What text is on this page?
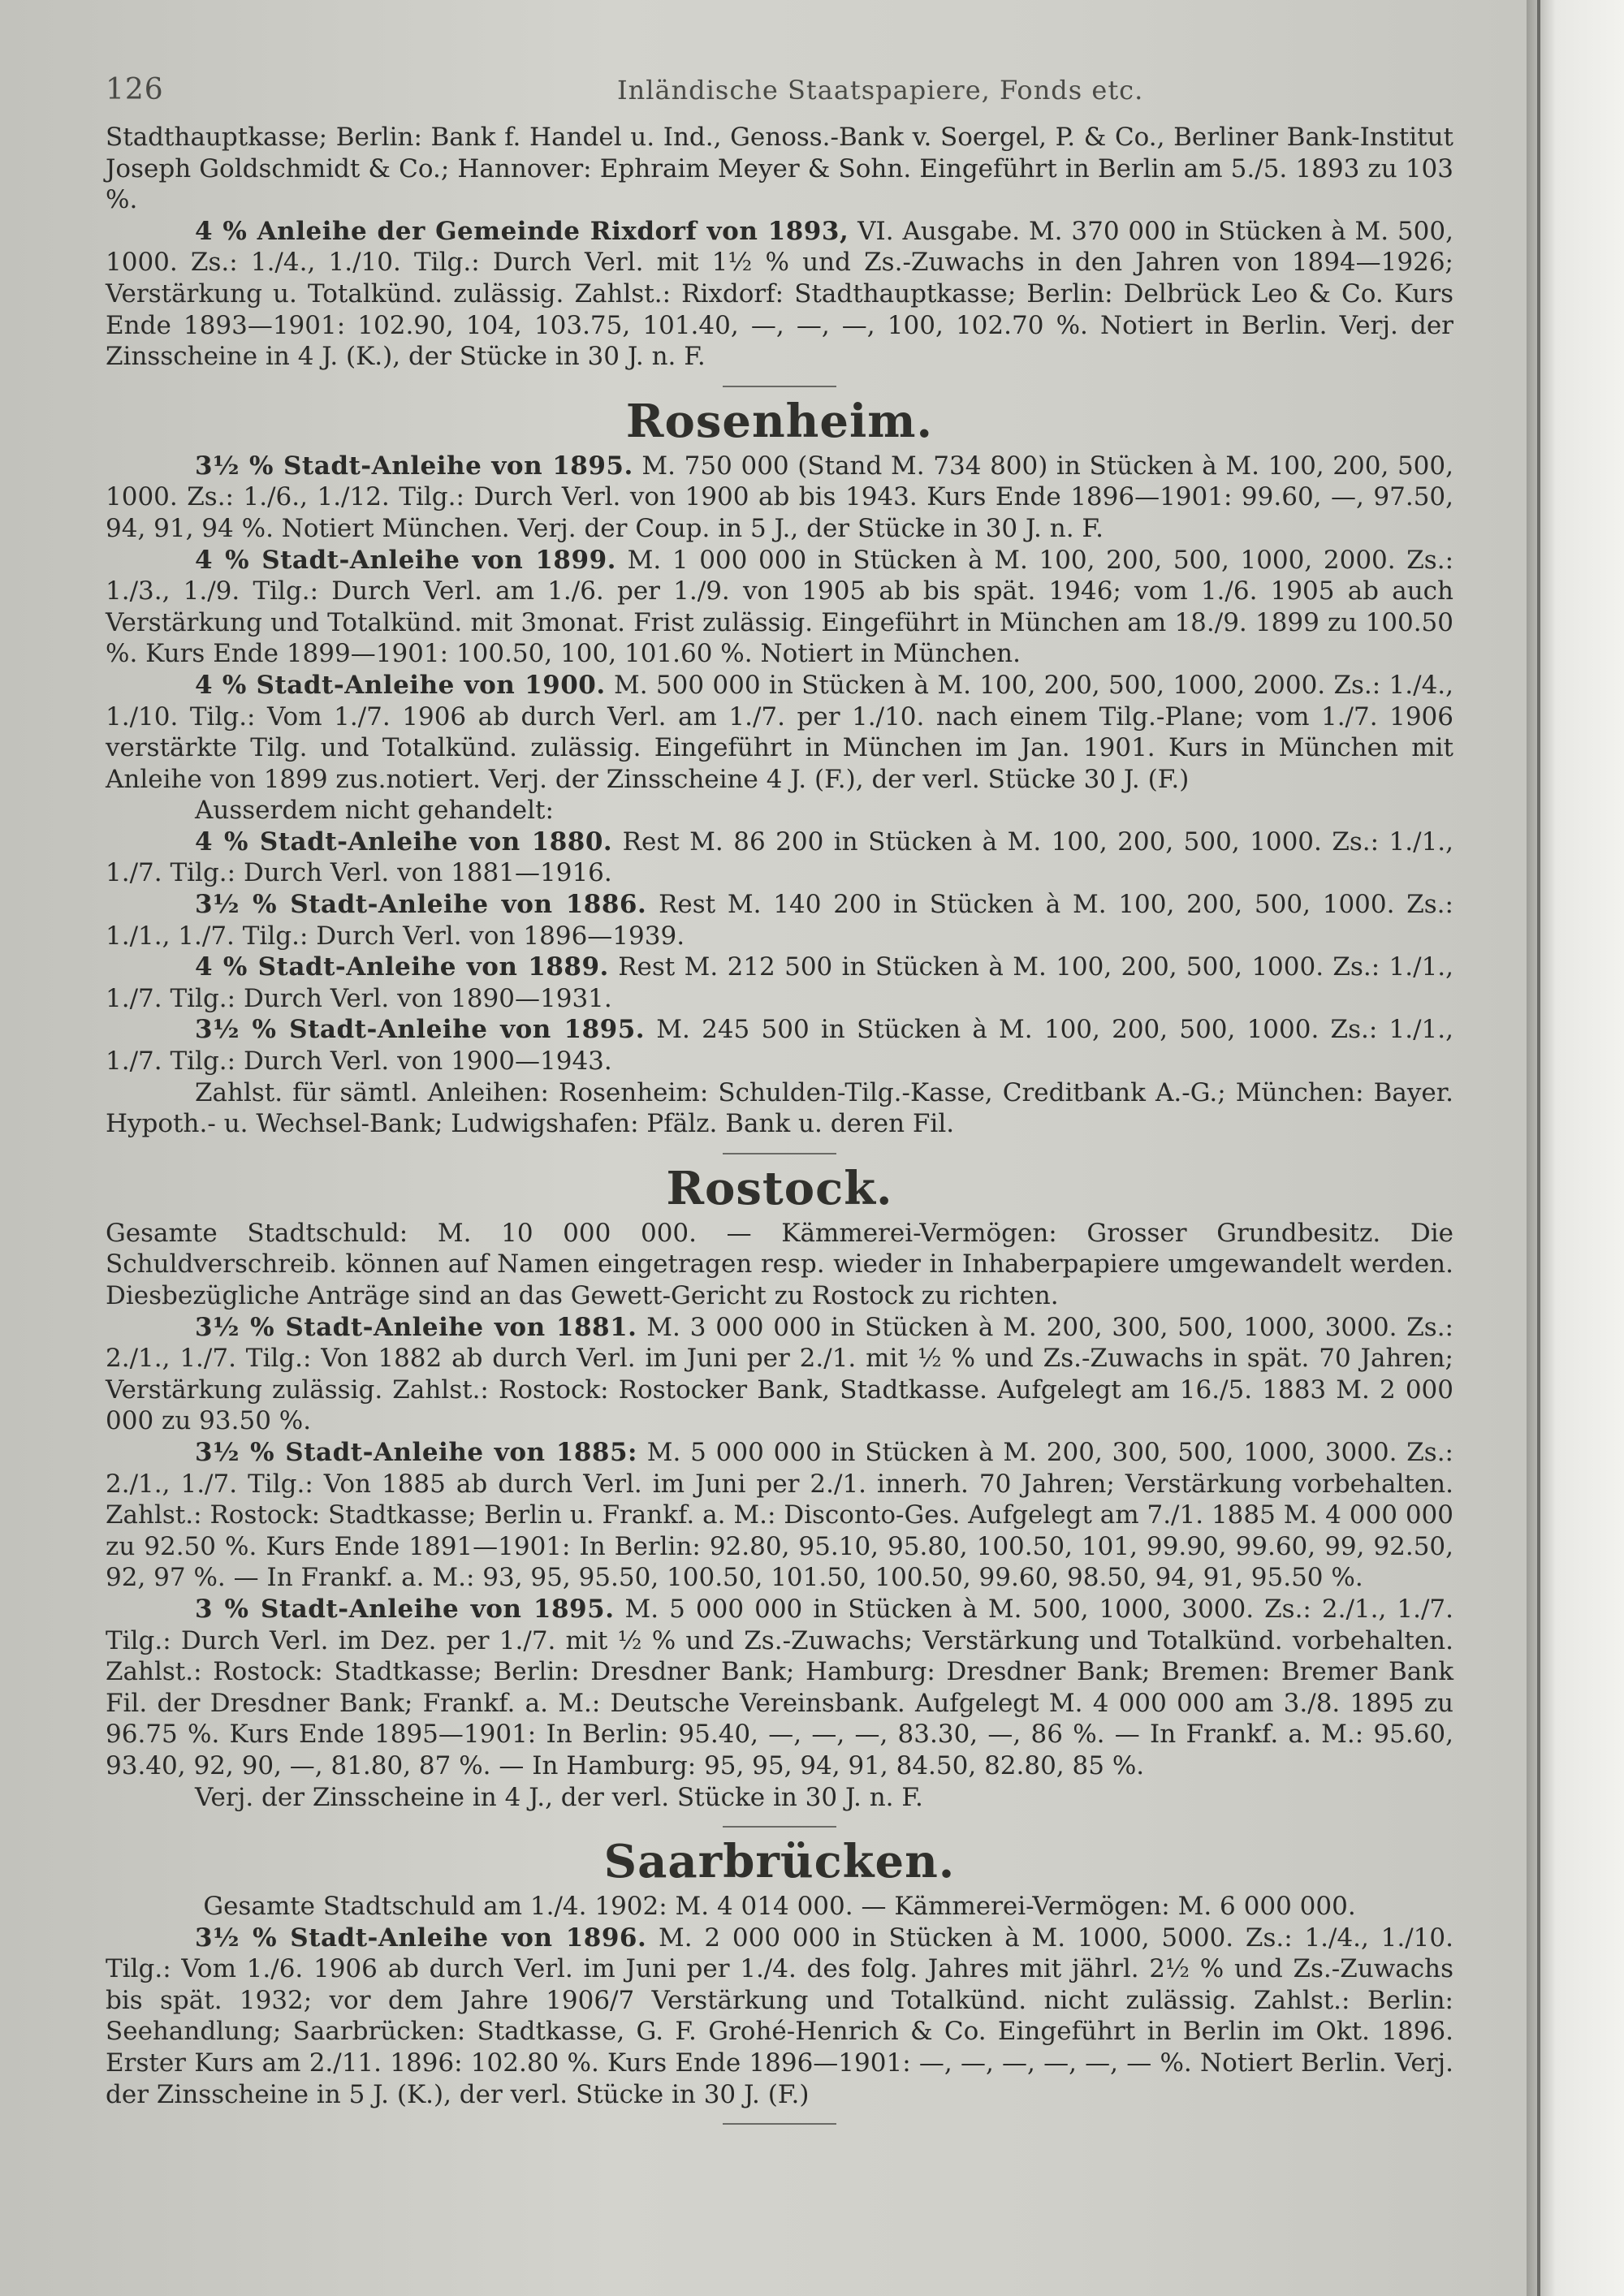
126	Inländische Staatspapiere, Fonds etc.

Stadthauptkasse; Berlin: Bank f. Handel u. Ind., Genoss.-Bank v. Soergel, P. & Co., Berliner Bank-Institut Joseph Goldschmidt & Co.; Hannover: Ephraim Meyer & Sohn. Eingeführt in Berlin am 5./5. 1893 zu 103 %.

4 % Anleihe der Gemeinde Rixdorf von 1893, VI. Ausgabe. M. 370 000 in Stücken à M. 500, 1000. Zs.: 1./4., 1./10. Tilg.: Durch Verl. mit 1½ % und Zs.-Zuwachs in den Jahren von 1894—1926; Verstärkung u. Totalkünd. zulässig. Zahlst.: Rixdorf: Stadthauptkasse; Berlin: Delbrück Leo & Co. Kurs Ende 1893—1901: 102.90, 104, 103.75, 101.40, —, —, —, 100, 102.70 %. Notiert in Berlin. Verj. der Zinsscheine in 4 J. (K.), der Stücke in 30 J. n. F.

Rosenheim.

3½ % Stadt-Anleihe von 1895. M. 750 000 (Stand M. 734 800) in Stücken à M. 100, 200, 500, 1000. Zs.: 1./6., 1./12. Tilg.: Durch Verl. von 1900 ab bis 1943. Kurs Ende 1896—1901: 99.60, —, 97.50, 94, 91, 94 %. Notiert München. Verj. der Coup. in 5 J., der Stücke in 30 J. n. F.

4 % Stadt-Anleihe von 1899. M. 1 000 000 in Stücken à M. 100, 200, 500, 1000, 2000. Zs.: 1./3., 1./9. Tilg.: Durch Verl. am 1./6. per 1./9. von 1905 ab bis spät. 1946; vom 1./6. 1905 ab auch Verstärkung und Totalkünd. mit 3monat. Frist zulässig. Eingeführt in München am 18./9. 1899 zu 100.50 %. Kurs Ende 1899—1901: 100.50, 100, 101.60 %. Notiert in München.

4 % Stadt-Anleihe von 1900. M. 500 000 in Stücken à M. 100, 200, 500, 1000, 2000. Zs.: 1./4., 1./10. Tilg.: Vom 1./7. 1906 ab durch Verl. am 1./7. per 1./10. nach einem Tilg.-Plane; vom 1./7. 1906 verstärkte Tilg. und Totalkünd. zulässig. Eingeführt in München im Jan. 1901. Kurs in München mit Anleihe von 1899 zus.notiert. Verj. der Zinsscheine 4 J. (F.), der verl. Stücke 30 J. (F.)

Ausserdem nicht gehandelt:

4 % Stadt-Anleihe von 1880. Rest M. 86 200 in Stücken à M. 100, 200, 500, 1000. Zs.: 1./1., 1./7. Tilg.: Durch Verl. von 1881—1916.

3½ % Stadt-Anleihe von 1886. Rest M. 140 200 in Stücken à M. 100, 200, 500, 1000. Zs.: 1./1., 1./7. Tilg.: Durch Verl. von 1896—1939.

4 % Stadt-Anleihe von 1889. Rest M. 212 500 in Stücken à M. 100, 200, 500, 1000. Zs.: 1./1., 1./7. Tilg.: Durch Verl. von 1890—1931.

3½ % Stadt-Anleihe von 1895. M. 245 500 in Stücken à M. 100, 200, 500, 1000. Zs.: 1./1., 1./7. Tilg.: Durch Verl. von 1900—1943.

Zahlst. für sämtl. Anleihen: Rosenheim: Schulden-Tilg.-Kasse, Creditbank A.-G.; München: Bayer. Hypoth.- u. Wechsel-Bank; Ludwigshafen: Pfälz. Bank u. deren Fil.

Rostock.

Gesamte Stadtschuld: M. 10 000 000. — Kämmerei-Vermögen: Grosser Grundbesitz. Die Schuldverschreib. können auf Namen eingetragen resp. wieder in Inhaberpapiere umgewandelt werden. Diesbezügliche Anträge sind an das Gewett-Gericht zu Rostock zu richten.

3½ % Stadt-Anleihe von 1881. M. 3 000 000 in Stücken à M. 200, 300, 500, 1000, 3000. Zs.: 2./1., 1./7. Tilg.: Von 1882 ab durch Verl. im Juni per 2./1. mit ½ % und Zs.-Zuwachs in spät. 70 Jahren; Verstärkung zulässig. Zahlst.: Rostock: Rostocker Bank, Stadtkasse. Aufgelegt am 16./5. 1883 M. 2 000 000 zu 93.50 %.

3½ % Stadt-Anleihe von 1885: M. 5 000 000 in Stücken à M. 200, 300, 500, 1000, 3000. Zs.: 2./1., 1./7. Tilg.: Von 1885 ab durch Verl. im Juni per 2./1. innerh. 70 Jahren; Verstärkung vorbehalten. Zahlst.: Rostock: Stadtkasse; Berlin u. Frankf. a. M.: Disconto-Ges. Aufgelegt am 7./1. 1885 M. 4 000 000 zu 92.50 %. Kurs Ende 1891—1901: In Berlin: 92.80, 95.10, 95.80, 100.50, 101, 99.90, 99.60, 99, 92.50, 92, 97 %. — In Frankf. a. M.: 93, 95, 95.50, 100.50, 101.50, 100.50, 99.60, 98.50, 94, 91, 95.50 %.

3 % Stadt-Anleihe von 1895. M. 5 000 000 in Stücken à M. 500, 1000, 3000. Zs.: 2./1., 1./7. Tilg.: Durch Verl. im Dez. per 1./7. mit ½ % und Zs.-Zuwachs; Verstärkung und Totalkünd. vorbehalten. Zahlst.: Rostock: Stadtkasse; Berlin: Dresdner Bank; Hamburg: Dresdner Bank; Bremen: Bremer Bank Fil. der Dresdner Bank; Frankf. a. M.: Deutsche Vereinsbank. Aufgelegt M. 4 000 000 am 3./8. 1895 zu 96.75 %. Kurs Ende 1895—1901: In Berlin: 95.40, —, —, —, 83.30, —, 86 %. — In Frankf. a. M.: 95.60, 93.40, 92, 90, —, 81.80, 87 %. — In Hamburg: 95, 95, 94, 91, 84.50, 82.80, 85 %.

Verj. der Zinsscheine in 4 J., der verl. Stücke in 30 J. n. F.

Saarbrücken.

Gesamte Stadtschuld am 1./4. 1902: M. 4 014 000. — Kämmerei-Vermögen: M. 6 000 000.

3½ % Stadt-Anleihe von 1896. M. 2 000 000 in Stücken à M. 1000, 5000. Zs.: 1./4., 1./10. Tilg.: Vom 1./6. 1906 ab durch Verl. im Juni per 1./4. des folg. Jahres mit jährl. 2½ % und Zs.-Zuwachs bis spät. 1932; vor dem Jahre 1906/7 Verstärkung und Totalkünd. nicht zulässig. Zahlst.: Berlin: Seehandlung; Saarbrücken: Stadtkasse, G. F. Grohé-Henrich & Co. Eingeführt in Berlin im Okt. 1896. Erster Kurs am 2./11. 1896: 102.80 %. Kurs Ende 1896—1901: —, —, —, —, —, — %. Notiert Berlin. Verj. der Zinsscheine in 5 J. (K.), der verl. Stücke in 30 J. (F.)
